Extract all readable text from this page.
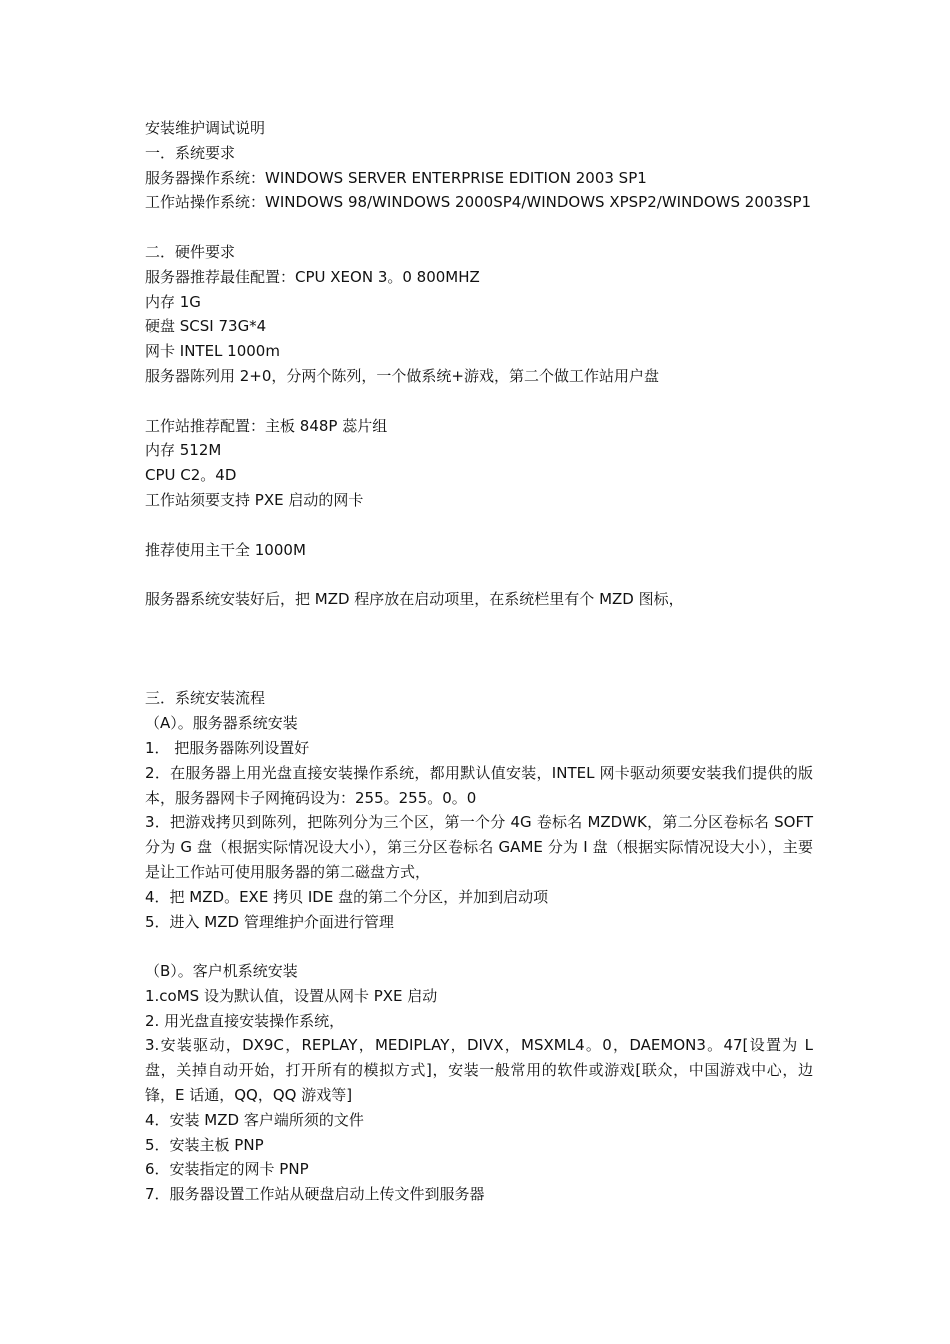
安装维护调试说明
一．系统要求
服务器操作系统：WINDOWS SERVER ENTERPRISE EDITION 2003 SP1
工作站操作系统：WINDOWS 98/WINDOWS 2000SP4/WINDOWS XPSP2/WINDOWS 2003SP1
二．硬件要求
服务器推荐最佳配置：CPU XEON 3。0 800MHZ
内存 1G
硬盘 SCSI 73G*4
网卡 INTEL 1000m
服务器陈列用 2+0，分两个陈列，一个做系统+游戏，第二个做工作站用户盘
工作站推荐配置：主板 848P 蕊片组
内存 512M
CPU C2。4D
工作站须要支持 PXE 启动的网卡
推荐使用主干全 1000M
服务器系统安装好后，把 MZD 程序放在启动项里，在系统栏里有个 MZD 图标，
三．系统安装流程
（A）。服务器系统安装
1． 把服务器陈列设置好
2．在服务器上用光盘直接安装操作系统，都用默认值安装，INTEL 网卡驱动须要安装我们提供的版本，服务器网卡子网掩码设为：255。255。0。0
3．把游戏拷贝到陈列，把陈列分为三个区，第一个分 4G 卷标名 MZDWK，第二分区卷标名 SOFT 分为 G 盘（根据实际情况设大小），第三分区卷标名 GAME 分为 I 盘（根据实际情况设大小），主要是让工作站可使用服务器的第二磁盘方式，
4．把 MZD。EXE 拷贝 IDE 盘的第二个分区，并加到启动项
5．进入 MZD 管理维护介面进行管理
（B）。客户机系统安装
1.coMS 设为默认值，设置从网卡 PXE 启动
2. 用光盘直接安装操作系统，
3.安装驱动，DX9C，REPLAY，MEDIPLAY，DIVX，MSXML4。0，DAEMON3。47[设置为 L 盘，关掉自动开始，打开所有的模拟方式]，安装一般常用的软件或游戏[联众，中国游戏中心，边锋，E 话通，QQ，QQ 游戏等]
4．安装 MZD 客户端所须的文件
5．安装主板 PNP
6．安装指定的网卡 PNP
7．服务器设置工作站从硬盘启动上传文件到服务器
